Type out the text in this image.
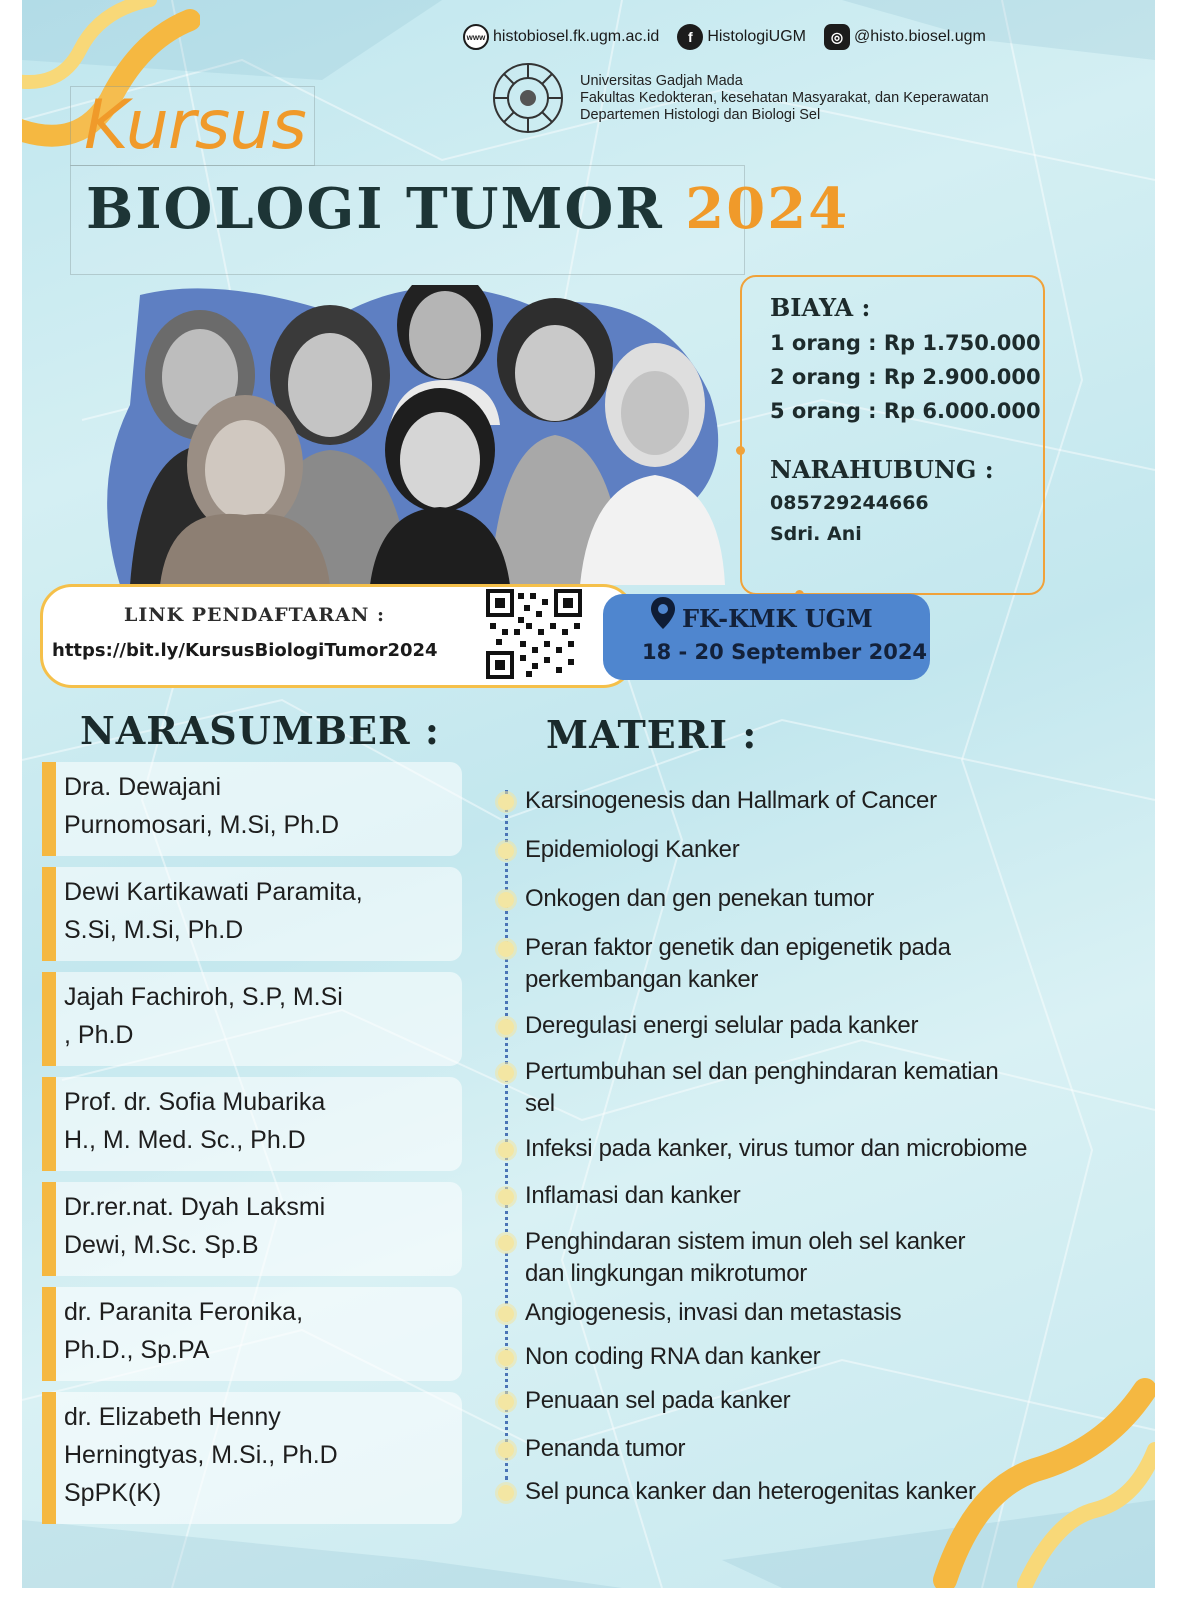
www histobiosel.fk.ugm.ac.id	f HistologiUGM	◎ @histo.biosel.ugm
Universitas Gadjah Mada
Fakultas Kedokteran, kesehatan Masyarakat, dan Keperawatan
Departemen Histologi dan Biologi Sel
Kursus
BIOLOGI TUMOR 2024
BIAYA :
1 orang : Rp 1.750.000
2 orang : Rp 2.900.000
5 orang : Rp 6.000.000
NARAHUBUNG :
085729244666
Sdri. Ani
LINK PENDAFTARAN :
https://bit.ly/KursusBiologiTumor2024
FK-KMK UGM
18 - 20 September 2024
NARASUMBER :	MATERI :
Dra. Dewajani
Purnomosari, M.Si, Ph.D
Dewi Kartikawati Paramita,
S.Si, M.Si, Ph.D
Jajah Fachiroh, S.P, M.Si
, Ph.D
Prof. dr. Sofia Mubarika
H., M. Med. Sc., Ph.D
Dr.rer.nat. Dyah Laksmi
Dewi, M.Sc. Sp.B
dr. Paranita Feronika,
Ph.D., Sp.PA
dr. Elizabeth Henny
Herningtyas, M.Si., Ph.D
SpPK(K)
Karsinogenesis dan Hallmark of Cancer
Epidemiologi Kanker
Onkogen dan gen penekan tumor
Peran faktor genetik dan epigenetik pada
perkembangan kanker
Deregulasi energi selular pada kanker
Pertumbuhan sel dan penghindaran kematian
sel
Infeksi pada kanker, virus tumor dan microbiome
Inflamasi dan kanker
Penghindaran sistem imun oleh sel kanker
dan lingkungan mikrotumor
Angiogenesis, invasi dan metastasis
Non coding RNA dan kanker
Penuaan sel pada kanker
Penanda tumor
Sel punca kanker dan heterogenitas kanker
